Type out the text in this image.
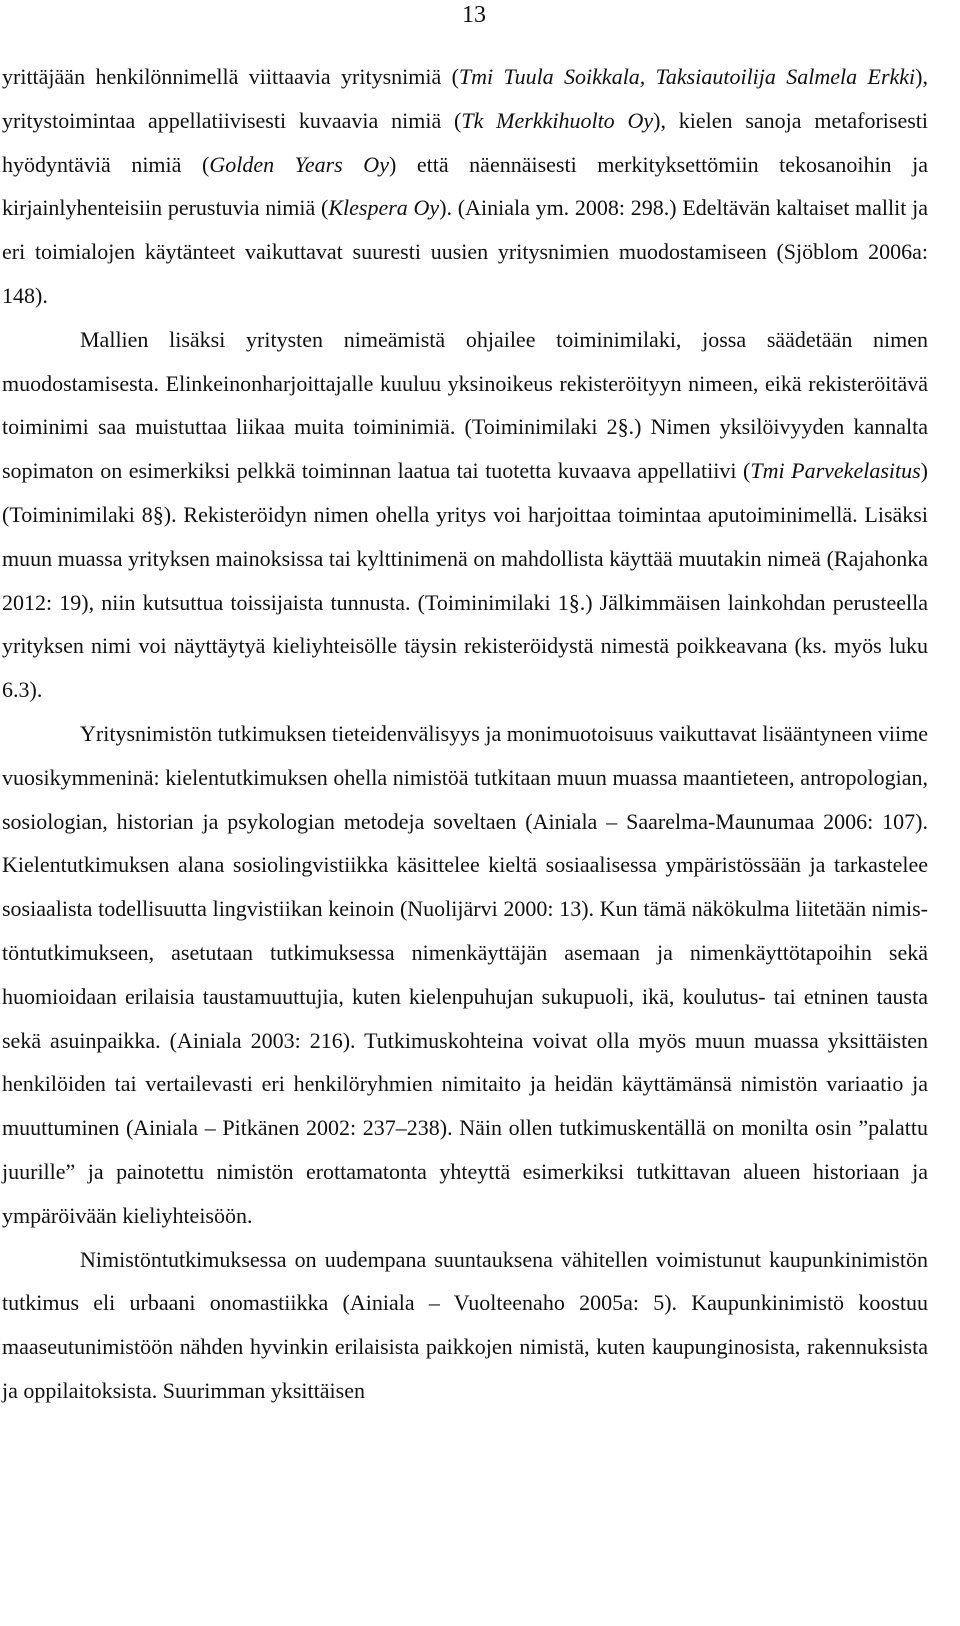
13

yrittäjään henkilönnimellä viittaavia yritysnimiä (Tmi Tuula Soikkala, Taksiautoilija Salmela Erkki), yritystoimintaa appellatiivisesti kuvaavia nimiä (Tk Merkkihuolto Oy), kielen sanoja metaforisesti hyödyntäviä nimiä (Golden Years Oy) että näennäisesti merkityksettömiin tekosanoihin ja kirjainlyhenteisiin perustuvia nimiä (Klespera Oy). (Ainiala ym. 2008: 298.) Edeltävän kaltaiset mallit ja eri toimialojen käytänteet vaikuttavat suuresti uusien yritysnimien muodostamiseen (Sjöblom 2006a: 148).

Mallien lisäksi yritysten nimeämistä ohjailee toiminimilaki, jossa säädetään nimen muodostamisesta. Elinkeinonharjoittajalle kuuluu yksinoikeus rekisteröityyn nimeen, eikä rekisteröitävä toiminimi saa muistuttaa liikaa muita toiminimiä. (Toiminimilaki 2§.) Nimen yksilöivyyden kannalta sopimaton on esimerkiksi pelkkä toiminnan laatua tai tuotetta kuvaava appellatiivi (Tmi Parvekelasitus) (Toiminimilaki 8§). Rekisteröidyn nimen ohella yritys voi harjoittaa toimintaa aputoiminimellä. Lisäksi muun muassa yrityksen mainoksissa tai kylttinimenä on mahdollista käyttää muutakin nimeä (Rajahonka 2012: 19), niin kutsuttua toissijaista tunnusta. (Toiminimilaki 1§.) Jälkimmäisen lainkohdan perusteella yrityksen nimi voi näyttäytyä kieliyhteisölle täysin rekisteröidystä nimestä poikkeavana (ks. myös luku 6.3).

Yritysnimistön tutkimuksen tieteidenvälisyys ja monimuotoisuus vaikuttavat lisääntyneen viime vuosikymmeninä: kielentutkimuksen ohella nimistöä tutkitaan muun muassa maantieteen, antropologian, sosiologian, historian ja psykologian metodeja soveltaen (Ainiala – Saarelma-Maunumaa 2006: 107). Kielentutkimuksen alana sosiolingvistiikka käsittelee kieltä sosiaalisessa ympäristössään ja tarkastelee sosiaalista todellisuutta lingvistiikan keinoin (Nuolijärvi 2000: 13). Kun tämä näkökulma liitetään nimistöntutkimukseen, asetutaan tutkimuksessa nimenkäyttäjän asemaan ja nimenkäyttötapoihin sekä huomioidaan erilaisia taustamuuttujia, kuten kielenpuhujan sukupuoli, ikä, koulutus- tai etninen tausta sekä asuinpaikka. (Ainiala 2003: 216). Tutkimuskohteina voivat olla myös muun muassa yksittäisten henkilöiden tai vertailevasti eri henkilöryhmien nimitaito ja heidän käyttämänsä nimistön variaatio ja muuttuminen (Ainiala – Pitkänen 2002: 237–238). Näin ollen tutkimuskentällä on monilta osin ”palattu juurille” ja painotettu nimistön erottamatonta yhteyttä esimerkiksi tutkittavan alueen historiaan ja ympäröivään kieliyhteisöön.

Nimistöntutkimuksessa on uudempana suuntauksena vähitellen voimistunut kaupunkinimistön tutkimus eli urbaani onomastiikka (Ainiala – Vuolteenaho 2005a: 5). Kaupunkinimistö koostuu maaseutunimistöön nähden hyvinkin erilaisista paikkojen nimistä, kuten kaupunginosista, rakennuksista ja oppilaitoksista. Suurimman yksittäisen
